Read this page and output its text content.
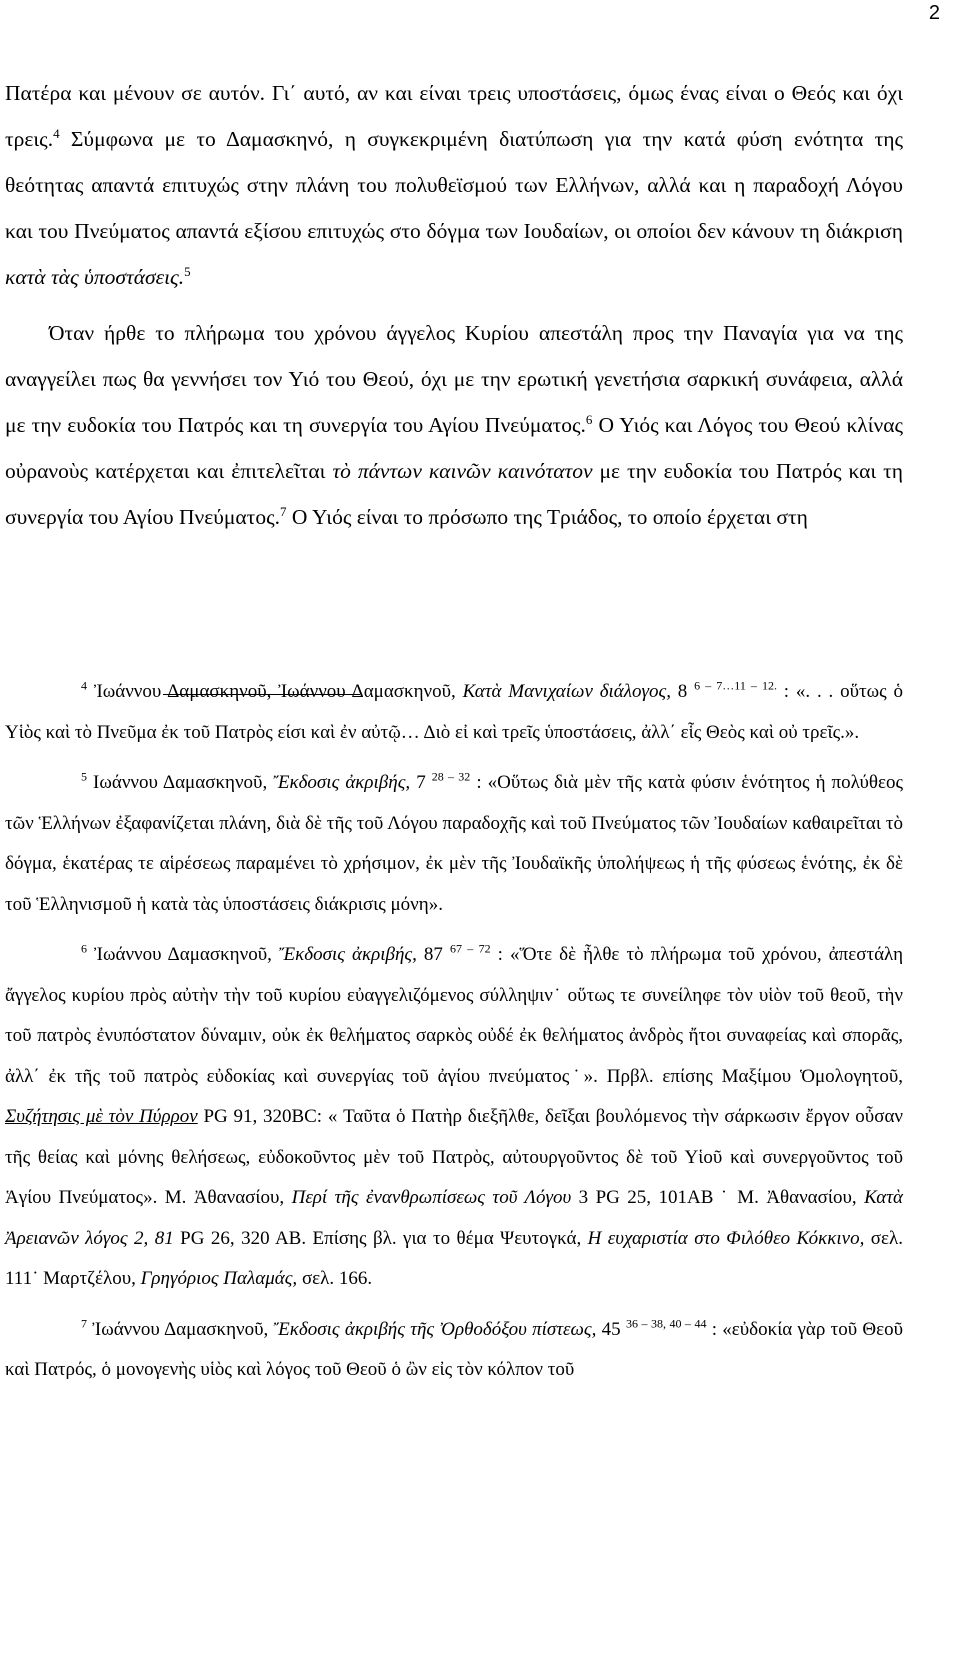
2

Πατέρα και μένουν σε αυτόν. Γι΄ αυτό, αν και είναι τρεις υποστάσεις, όμως ένας είναι ο Θεός και όχι τρεις.$^4$ Σύμφωνα με το Δαμασκηνό, η συγκεκριμένη διατύπωση για την κατά φύση ενότητα της θεότητας απαντά επιτυχώς στην πλάνη του πολυθεϊσμού των Ελλήνων, αλλά και η παραδοχή Λόγου και του Πνεύματος απαντά εξίσου επιτυχώς στο δόγμα των Ιουδαίων, οι οποίοι δεν κάνουν τη διάκριση κατὰ τὰς ὑποστάσεις.$^5$

Όταν ήρθε το πλήρωμα του χρόνου άγγελος Κυρίου απεστάλη προς την Παναγία για να της αναγγείλει πως θα γεννήσει τον Υιό του Θεού, όχι με την ερωτική γενετήσια σαρκική συνάφεια, αλλά με την ευδοκία του Πατρός και τη συνεργία του Αγίου Πνεύματος.$^6$ Ο Υιός και Λόγος του Θεού κλίνας οὐρανοὺς κατέρχεται και ἐπιτελεῖται τὸ πάντων καινῶν καινότατον με την ευδοκία του Πατρός και τη συνεργία του Αγίου Πνεύματος.$^7$ Ο Υιός είναι το πρόσωπο της Τριάδος, το οποίο έρχεται στη

$^4$ Ἰωάννου Δαμασκηνοῦ, Ἰωάννου Δαμασκηνοῦ, Κατὰ Μανιχαίων διάλογος, 8 $^{6 - 7\dots 11 - 12.}$ : «. . . οὕτως ὁ Υἱὸς καὶ τὸ Πνεῦμα ἐκ τοῦ Πατρὸς είσι καὶ ἐν αὐτῷ… Διὸ εἰ καὶ τρεῖς ὑποστάσεις, ἀλλ΄ εἷς Θεὸς καὶ οὐ τρεῖς.».

$^5$ Ιωάννου Δαμασκηνοῦ, Ἔκδοσις ἀκριβής, 7 $^{28 - 32}$ : «Οὕτως διὰ μὲν τῆς κατὰ φύσιν ἑνότητος ἡ πολύθεος τῶν Ἑλλήνων ἐξαφανίζεται πλάνη, διὰ δὲ τῆς τοῦ Λόγου παραδοχῆς καὶ τοῦ Πνεύματος τῶν Ἰουδαίων καθαιρεῖται τὸ δόγμα, ἑκατέρας τε αἱρέσεως παραμένει τὸ χρήσιμον, ἐκ μὲν τῆς Ἰουδαϊκῆς ὑπολήψεως ἡ τῆς φύσεως ἑνότης, ἐκ δὲ τοῦ Ἑλληνισμοῦ ἡ κατὰ τὰς ὑποστάσεις διάκρισις μόνη».

$^6$ Ἰωάννου Δαμασκηνοῦ, Ἔκδοσις ἀκριβής, 87 $^{67 - 72}$ : «Ὅτε δὲ ἦλθε τὸ πλήρωμα τοῦ χρόνου, ἀπεστάλη ἄγγελος κυρίου πρὸς αὐτὴν τὴν τοῦ κυρίου εὐαγγελιζόμενος σύλληψιν˙ οὕτως τε συνείληφε τὸν υἱὸν τοῦ θεοῦ, τὴν τοῦ πατρὸς ἐνυπόστατον δύναμιν, οὐκ ἐκ θελήματος σαρκὸς οὐδέ ἐκ θελήματος ἀνδρὸς ἤτοι συναφείας καὶ σπορᾶς, ἀλλ΄ ἐκ τῆς τοῦ πατρὸς εὐδοκίας καὶ συνεργίας τοῦ ἀγίου πνεύματος˙». Πρβλ. επίσης Μαξίμου Ὁμολογητοῦ, Συζήτησις μὲ τὸν Πύρρον PG 91, 320BC: « Ταῦτα ὁ Πατὴρ διεξῆλθε, δεῖξαι βουλόμενος τὴν σάρκωσιν ἔργον οὖσαν τῆς θείας καὶ μόνης θελήσεως, εὐδοκοῦντος μὲν τοῦ Πατρὸς, αὐτουργοῦντος δὲ τοῦ Υἱοῦ καὶ συνεργοῦντος τοῦ Ἁγίου Πνεύματος». Μ. Ἀθανασίου, Περί τῆς ἐνανθρωπίσεως τοῦ Λόγου 3 PG 25, 101AB ˙ Μ. Ἀθανασίου, Κατὰ Ἀρειανῶν λόγος 2, 81 PG 26, 320 AB. Επίσης βλ. για το θέμα Ψευτογκά, Η ευχαριστία στο Φιλόθεο Κόκκινο, σελ. 111˙ Μαρτζέλου, Γρηγόριος Παλαμάς, σελ. 166.

$^7$ Ἰωάννου Δαμασκηνοῦ, Ἔκδοσις ἀκριβής τῆς Ὀρθοδόξου πίστεως, 45 $^{36 - 38, 40 - 44}$ : «εὐδοκία γὰρ τοῦ Θεοῦ καὶ Πατρός, ὁ μονογενὴς υἱὸς καὶ λόγος τοῦ Θεοῦ ὁ ὢν εἰς τὸν κόλπον τοῦ
